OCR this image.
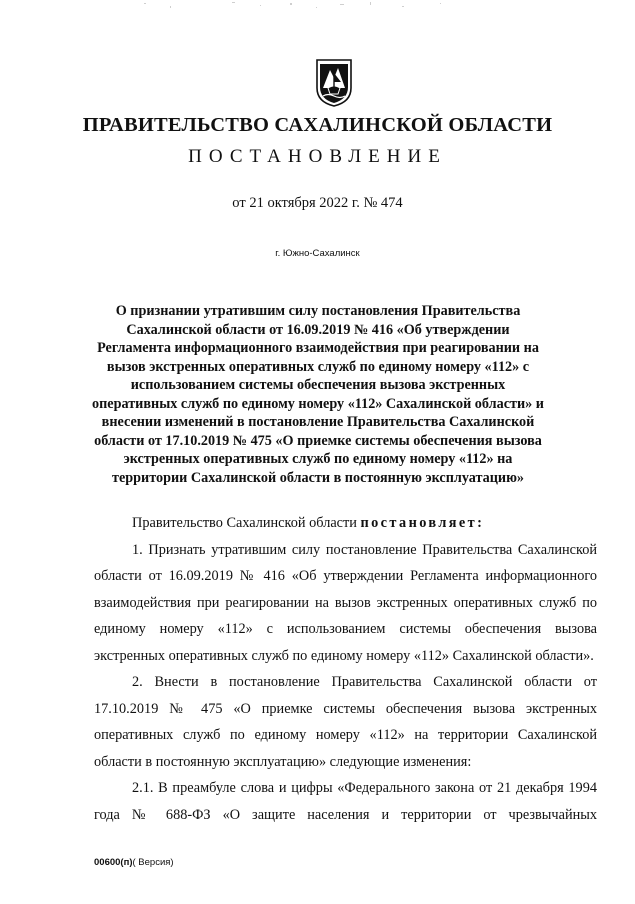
ПРАВИТЕЛЬСТВО САХАЛИНСКОЙ ОБЛАСТИ
ПОСТАНОВЛЕНИЕ
от 21 октября 2022 г. № 474
г. Южно-Сахалинск
О признании утратившим силу постановления Правительства Сахалинской области от 16.09.2019 № 416 «Об утверждении Регламента информационного взаимодействия при реагировании на вызов экстренных оперативных служб по единому номеру «112» с использованием системы обеспечения вызова экстренных оперативных служб по единому номеру «112» Сахалинской области» и внесении изменений в постановление Правительства Сахалинской области от 17.10.2019 № 475 «О приемке системы обеспечения вызова экстренных оперативных служб по единому номеру «112» на территории Сахалинской области в постоянную эксплуатацию»

Правительство Сахалинской области постановляет:

1. Признать утратившим силу постановление Правительства Сахалинской области от 16.09.2019 № 416 «Об утверждении Регламента информационного взаимодействия при реагировании на вызов экстренных оперативных служб по единому номеру «112» с использованием системы обеспечения вызова экстренных оперативных служб по единому номеру «112» Сахалинской области».

2. Внести в постановление Правительства Сахалинской области от 17.10.2019 № 475 «О приемке системы обеспечения вызова экстренных оперативных служб по единому номеру «112» на территории Сахалинской области в постоянную эксплуатацию» следующие изменения:

2.1. В преамбуле слова и цифры «Федерального закона от 21 декабря 1994 года № 688-ФЗ «О защите населения и территории от чрезвычайных

00600(п)( Версия)
